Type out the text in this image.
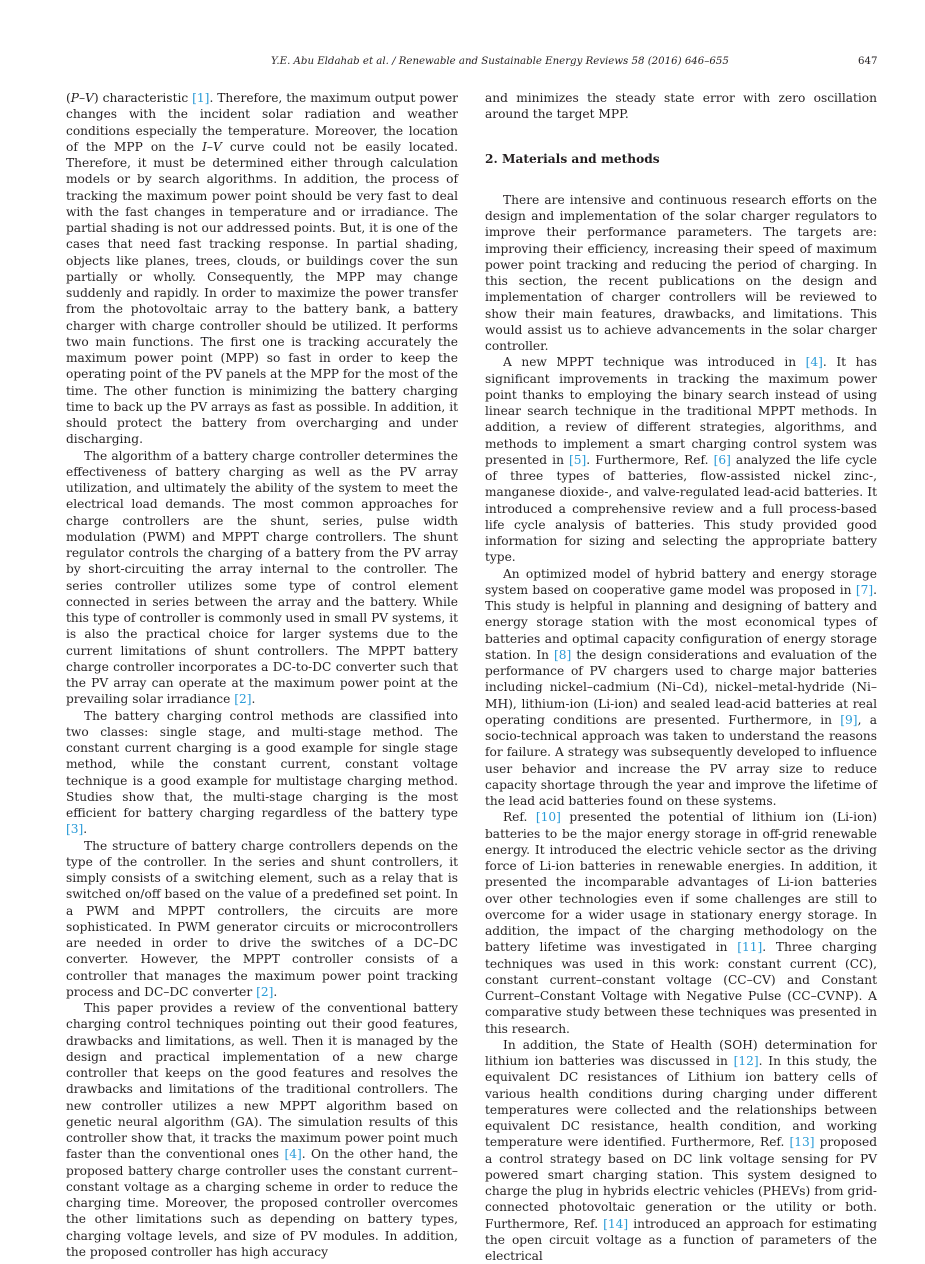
Y.E. Abu Eldahab et al. / Renewable and Sustainable Energy Reviews 58 (2016) 646–655	647

(P–V) characteristic [1]. Therefore, the maximum output power changes with the incident solar radiation and weather conditions especially the temperature. Moreover, the location of the MPP on the I–V curve could not be easily located. Therefore, it must be determined either through calculation models or by search algorithms. In addition, the process of tracking the maximum power point should be very fast to deal with the fast changes in temperature and or irradiance. The partial shading is not our addressed points. But, it is one of the cases that need fast tracking response. In partial shading, objects like planes, trees, clouds, or buildings cover the sun partially or wholly. Consequently, the MPP may change suddenly and rapidly. In order to maximize the power transfer from the photovoltaic array to the battery bank, a battery charger with charge controller should be utilized. It performs two main functions. The first one is tracking accurately the maximum power point (MPP) so fast in order to keep the operating point of the PV panels at the MPP for the most of the time. The other function is minimizing the battery charging time to back up the PV arrays as fast as possible. In addition, it should protect the battery from overcharging and under discharging.

The algorithm of a battery charge controller determines the effectiveness of battery charging as well as the PV array utilization, and ultimately the ability of the system to meet the electrical load demands. The most common approaches for charge controllers are the shunt, series, pulse width modulation (PWM) and MPPT charge controllers. The shunt regulator controls the charging of a battery from the PV array by short-circuiting the array internal to the controller. The series controller utilizes some type of control element connected in series between the array and the battery. While this type of controller is commonly used in small PV systems, it is also the practical choice for larger systems due to the current limitations of shunt controllers. The MPPT battery charge controller incorporates a DC-to-DC converter such that the PV array can operate at the maximum power point at the prevailing solar irradiance [2].

The battery charging control methods are classified into two classes: single stage, and multi-stage method. The constant current charging is a good example for single stage method, while the constant current, constant voltage technique is a good example for multistage charging method. Studies show that, the multi-stage charging is the most efficient for battery charging regardless of the battery type [3].

The structure of battery charge controllers depends on the type of the controller. In the series and shunt controllers, it simply consists of a switching element, such as a relay that is switched on/off based on the value of a predefined set point. In a PWM and MPPT controllers, the circuits are more sophisticated. In PWM generator circuits or microcontrollers are needed in order to drive the switches of a DC–DC converter. However, the MPPT controller consists of a controller that manages the maximum power point tracking process and DC–DC converter [2].

This paper provides a review of the conventional battery charging control techniques pointing out their good features, drawbacks and limitations, as well. Then it is managed by the design and practical implementation of a new charge controller that keeps on the good features and resolves the drawbacks and limitations of the traditional controllers. The new controller utilizes a new MPPT algorithm based on genetic neural algorithm (GA). The simulation results of this controller show that, it tracks the maximum power point much faster than the conventional ones [4]. On the other hand, the proposed battery charge controller uses the constant current–constant voltage as a charging scheme in order to reduce the charging time. Moreover, the proposed controller overcomes the other limitations such as depending on battery types, charging voltage levels, and size of PV modules. In addition, the proposed controller has high accuracy

and minimizes the steady state error with zero oscillation around the target MPP.

2. Materials and methods

There are intensive and continuous research efforts on the design and implementation of the solar charger regulators to improve their performance parameters. The targets are: improving their efficiency, increasing their speed of maximum power point tracking and reducing the period of charging. In this section, the recent publications on the design and implementation of charger controllers will be reviewed to show their main features, drawbacks, and limitations. This would assist us to achieve advancements in the solar charger controller.

A new MPPT technique was introduced in [4]. It has significant improvements in tracking the maximum power point thanks to employing the binary search instead of using linear search technique in the traditional MPPT methods. In addition, a review of different strategies, algorithms, and methods to implement a smart charging control system was presented in [5]. Furthermore, Ref. [6] analyzed the life cycle of three types of batteries, flow-assisted nickel zinc-, manganese dioxide-, and valve-regulated lead-acid batteries. It introduced a comprehensive review and a full process-based life cycle analysis of batteries. This study provided good information for sizing and selecting the appropriate battery type.

An optimized model of hybrid battery and energy storage system based on cooperative game model was proposed in [7]. This study is helpful in planning and designing of battery and energy storage station with the most economical types of batteries and optimal capacity configuration of energy storage station. In [8] the design considerations and evaluation of the performance of PV chargers used to charge major batteries including nickel–cadmium (Ni–Cd), nickel–metal-hydride (Ni–MH), lithium-ion (Li-ion) and sealed lead-acid batteries at real operating conditions are presented. Furthermore, in [9], a socio-technical approach was taken to understand the reasons for failure. A strategy was subsequently developed to influence user behavior and increase the PV array size to reduce capacity shortage through the year and improve the lifetime of the lead acid batteries found on these systems.

Ref. [10] presented the potential of lithium ion (Li-ion) batteries to be the major energy storage in off-grid renewable energy. It introduced the electric vehicle sector as the driving force of Li-ion batteries in renewable energies. In addition, it presented the incomparable advantages of Li-ion batteries over other technologies even if some challenges are still to overcome for a wider usage in stationary energy storage. In addition, the impact of the charging methodology on the battery lifetime was investigated in [11]. Three charging techniques was used in this work: constant current (CC), constant current–constant voltage (CC–CV) and Constant Current–Constant Voltage with Negative Pulse (CC–CVNP). A comparative study between these techniques was presented in this research.

In addition, the State of Health (SOH) determination for lithium ion batteries was discussed in [12]. In this study, the equivalent DC resistances of Lithium ion battery cells of various health conditions during charging under different temperatures were collected and the relationships between equivalent DC resistance, health condition, and working temperature were identified. Furthermore, Ref. [13] proposed a control strategy based on DC link voltage sensing for PV powered smart charging station. This system designed to charge the plug in hybrids electric vehicles (PHEVs) from grid-connected photovoltaic generation or the utility or both. Furthermore, Ref. [14] introduced an approach for estimating the open circuit voltage as a function of parameters of the electrical
